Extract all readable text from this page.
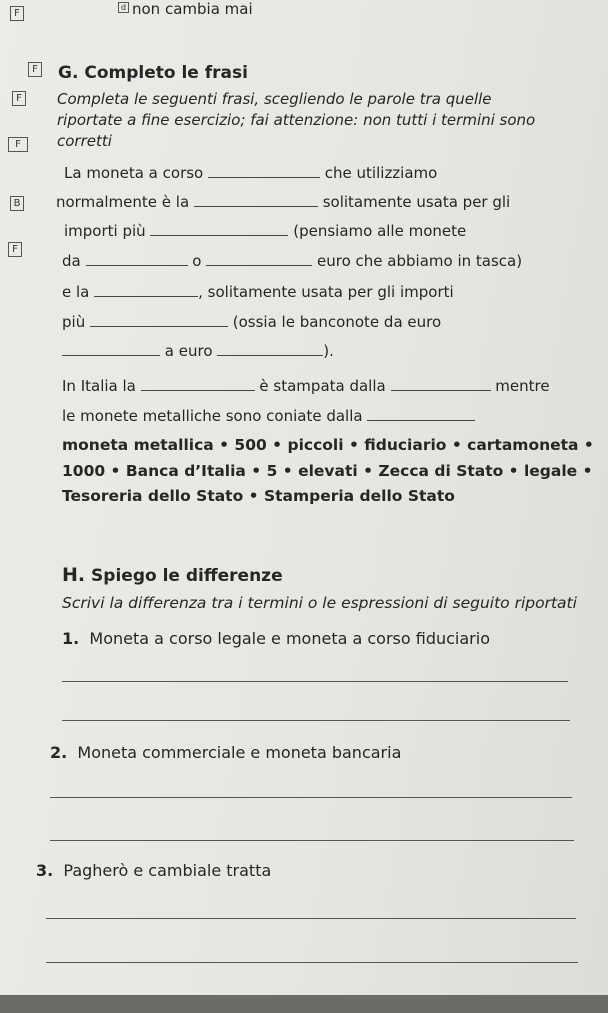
F
d non cambia mai
F G. Completo le frasi
F Completa le seguenti frasi, scegliendo le parole tra quelle
riportate a fine esercizio; fai attenzione: non tutti i termini sono
F	corretti
La moneta a corso	che utilizziamo
B normalmente è la	solitamente usata per gli
importi più	(pensiamo alle monete
F
da	o	euro che abbiamo in tasca)
e la	, solitamente usata per gli importi
più	(ossia le banconote da euro
a euro	).
In Italia la	è stampata dalla	mentre
le monete metalliche sono coniate dalla
moneta metallica • 500 • piccoli • fiduciario • cartamoneta •
1000 • Banca d’Italia • 5 • elevati • Zecca di Stato • legale •
Tesoreria dello Stato • Stamperia dello Stato
H. Spiego le differenze
Scrivi la differenza tra i termini o le espressioni di seguito riportati
1. Moneta a corso legale e moneta a corso fiduciario
2. Moneta commerciale e moneta bancaria
3. Pagherò e cambiale tratta
